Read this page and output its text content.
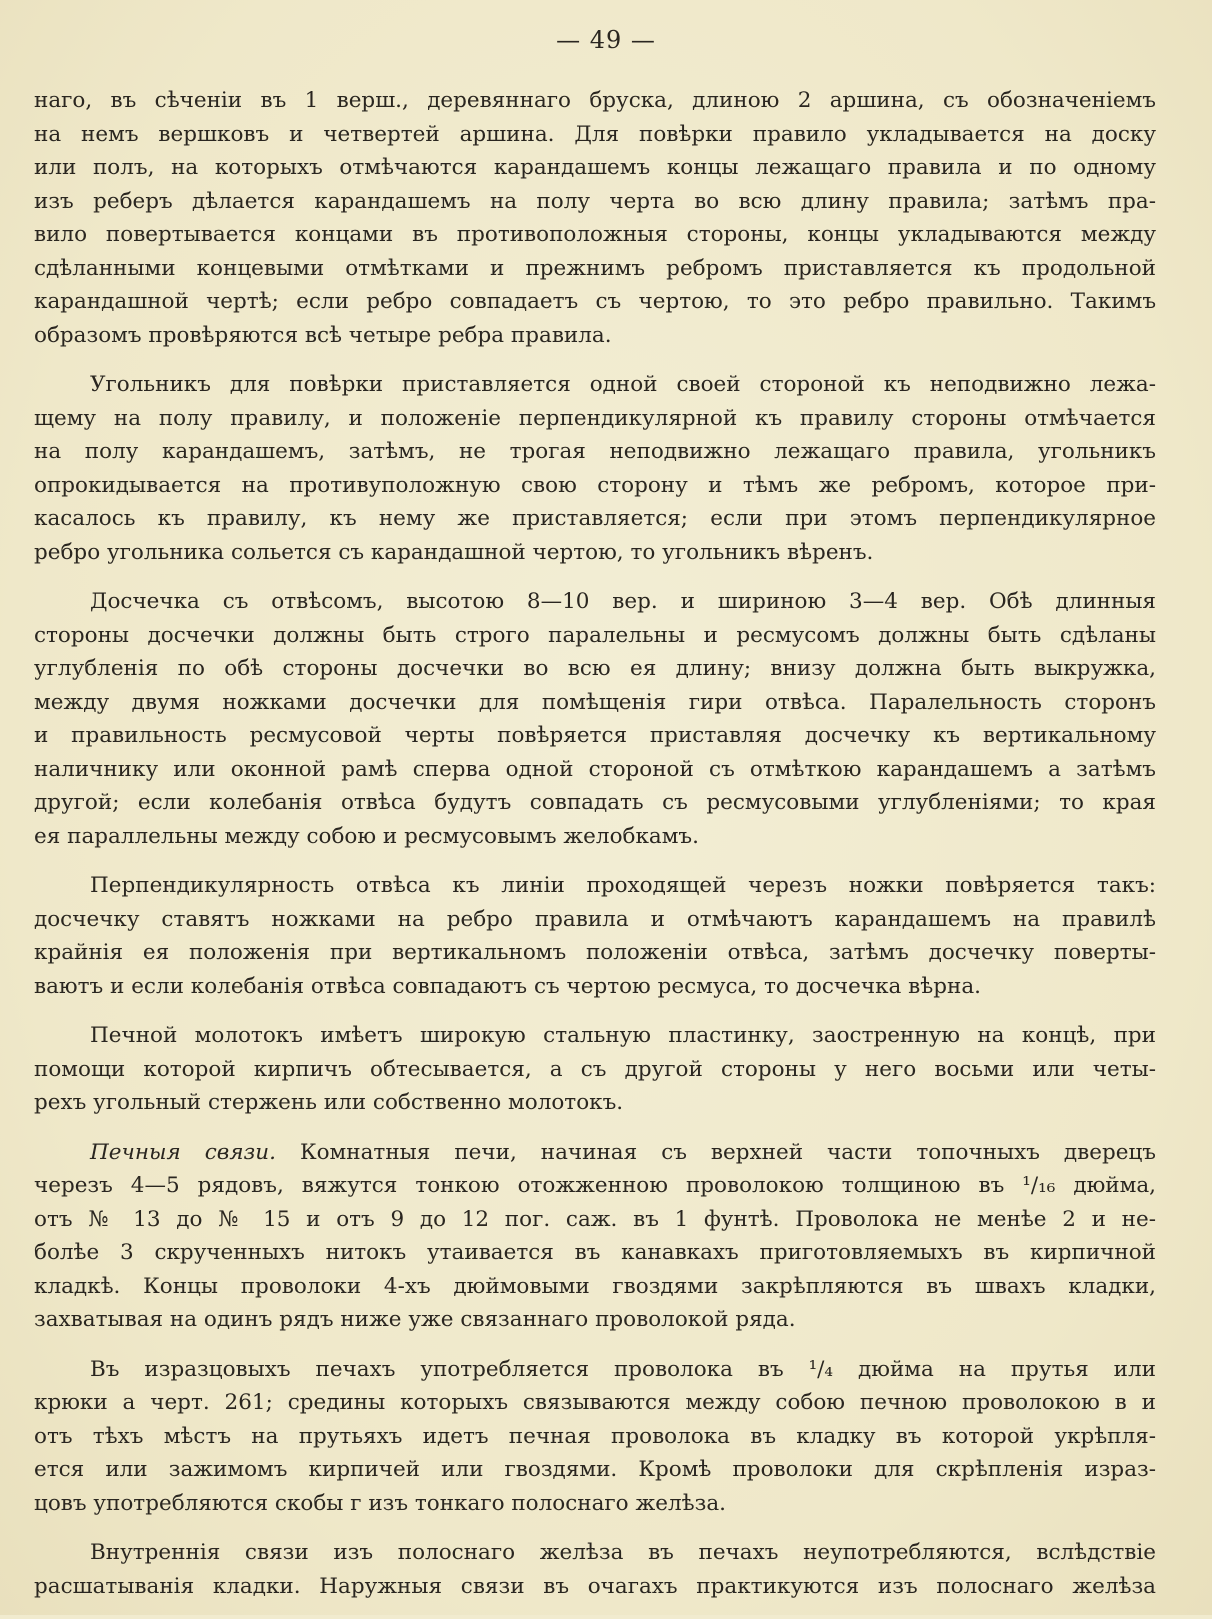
— 49 —

наго, въ сѣченіи въ 1 верш., деревяннаго бруска, длиною 2 аршина, съ обозначеніемъ
на немъ вершковъ и четвертей аршина. Для повѣрки правило укладывается на доску
или полъ, на которыхъ отмѣчаются карандашемъ концы лежащаго правила и по одному
изъ реберъ дѣлается карандашемъ на полу черта во всю длину правила; затѣмъ пра-
вило повертывается концами въ противоположныя стороны, концы укладываются между
сдѣланными концевыми отмѣтками и прежнимъ ребромъ приставляется къ продольной
карандашной чертѣ; если ребро совпадаетъ съ чертою, то это ребро правильно. Такимъ
образомъ провѣряются всѣ четыре ребра правила.

Угольникъ для повѣрки приставляется одной своей стороной къ неподвижно лежа-
щему на полу правилу, и положеніе перпендикулярной къ правилу стороны отмѣчается
на полу карандашемъ, затѣмъ, не трогая неподвижно лежащаго правила, угольникъ
опрокидывается на противуположную свою сторону и тѣмъ же ребромъ, которое при-
касалось къ правилу, къ нему же приставляется; если при этомъ перпендикулярное
ребро угольника сольется съ карандашной чертою, то угольникъ вѣренъ.

Досчечка съ отвѣсомъ, высотою 8—10 вер. и шириною 3—4 вер. Обѣ длинныя
стороны досчечки должны быть строго паралельны и ресмусомъ должны быть сдѣланы
углубленія по обѣ стороны досчечки во всю ея длину; внизу должна быть выкружка,
между двумя ножками досчечки для помѣщенія гири отвѣса. Паралельность сторонъ
и правильность ресмусовой черты повѣряется приставляя досчечку къ вертикальному
наличнику или оконной рамѣ сперва одной стороной съ отмѣткою карандашемъ а затѣмъ
другой; если колебанія отвѣса будутъ совпадать съ ресмусовыми углубленіями; то края
ея параллельны между собою и ресмусовымъ желобкамъ.

Перпендикулярность отвѣса къ линіи проходящей черезъ ножки повѣряется такъ:
досчечку ставятъ ножками на ребро правила и отмѣчаютъ карандашемъ на правилѣ
крайнія ея положенія при вертикальномъ положеніи отвѣса, затѣмъ досчечку поверты-
ваютъ и если колебанія отвѣса совпадаютъ съ чертою ресмуса, то досчечка вѣрна.

Печной молотокъ имѣетъ широкую стальную пластинку, заостренную на концѣ, при
помощи которой кирпичъ обтесывается, а съ другой стороны у него восьми или четы-
рехъ угольный стержень или собственно молотокъ.

Печныя связи. Комнатныя печи, начиная съ верхней части топочныхъ дверецъ
черезъ 4—5 рядовъ, вяжутся тонкою отожженною проволокою толщиною въ ¹/₁₆ дюйма,
отъ № 13 до № 15 и отъ 9 до 12 пог. саж. въ 1 фунтѣ. Проволока не менѣе 2 и не-
болѣе 3 скрученныхъ нитокъ утаивается въ канавкахъ приготовляемыхъ въ кирпичной
кладкѣ. Концы проволоки 4-хъ дюймовыми гвоздями закрѣпляются въ швахъ кладки,
захватывая на одинъ рядъ ниже уже связаннаго проволокой ряда.

Въ изразцовыхъ печахъ употребляется проволока въ ¹/₄ дюйма на прутья или
крюки а черт. 261; средины которыхъ связываются между собою печною проволокою в и
отъ тѣхъ мѣстъ на прутьяхъ идетъ печная проволока въ кладку въ которой укрѣпля-
ется или зажимомъ кирпичей или гвоздями. Кромѣ проволоки для скрѣпленія израз-
цовъ употребляются скобы г изъ тонкаго полоснаго желѣза.

Внутреннія связи изъ полоснаго желѣза въ печахъ неупотребляются, вслѣдствіе
расшатыванія кладки. Наружныя связи въ очагахъ практикуются изъ полоснаго желѣза
